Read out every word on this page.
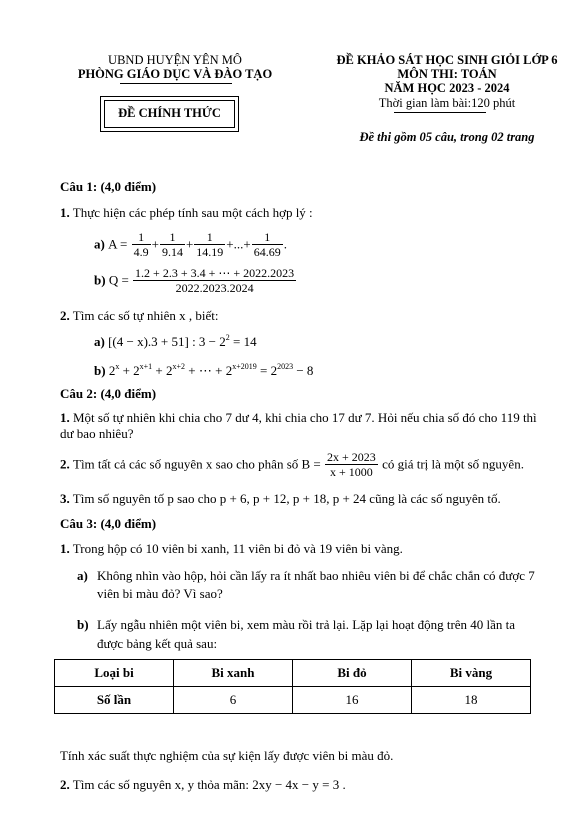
UBND HUYỆN YÊN MÔ
PHÒNG GIÁO DỤC VÀ ĐÀO TẠO
ĐỀ CHÍNH THỨC
ĐỀ KHẢO SÁT HỌC SINH GIỎI LỚP 6
MÔN THI: TOÁN
NĂM HỌC 2023 - 2024
Thời gian làm bài:120 phút
Đề thi gồm 05 câu, trong 02 trang
Câu 1: (4,0 điểm)
1. Thực hiện các phép tính sau một cách hợp lý :
a) $A = \frac{1}{4.9} + \frac{1}{9.14} + \frac{1}{14.19}$ +...+ $\frac{1}{64.69}$ .
b) $Q = \frac{1.2 + 2.3 + 3.4 + \cdots + 2022.2023}{2022.2023.2024}$
2. Tìm các số tự nhiên x , biết:
a) [(4 − x).3 + 51] : $3 - 2^2 = 14$
b) $2^x + 2^{x+1} + 2^{x+2}$ + ⋯ + $2^{x+2019} = 2^{2023} - 8$
Câu 2: (4,0 điểm)
1. Một số tự nhiên khi chia cho 7 dư 4, khi chia cho 17 dư 7. Hỏi nếu chia số đó cho 119 thì
dư bao nhiêu?
2. Tìm tất cả các số nguyên x sao cho phân số $B = \frac{2x + 2023}{x + 1000}$ có giá trị là một số nguyên.
3. Tìm số nguyên tố p sao cho p + 6, p + 12, p + 18, p + 24 cũng là các số nguyên tố.
Câu 3: (4,0 điểm)
1. Trong hộp có 10 viên bi xanh, 11 viên bi đỏ và 19 viên bi vàng.
a) Không nhìn vào hộp, hỏi cần lấy ra ít nhất bao nhiêu viên bi để chắc chắn có được 7
viên bi màu đỏ? Vì sao?
b) Lấy ngẫu nhiên một viên bi, xem màu rồi trả lại. Lặp lại hoạt động trên 40 lần ta
được bảng kết quả sau:
Loại bi	Bi xanh	Bi đỏ	Bi vàng
Số lần	6	16	18
Tính xác suất thực nghiệm của sự kiện lấy được viên bi màu đỏ.
2. Tìm các số nguyên x, y thỏa mãn: 2xy − 4x − y = 3 .
